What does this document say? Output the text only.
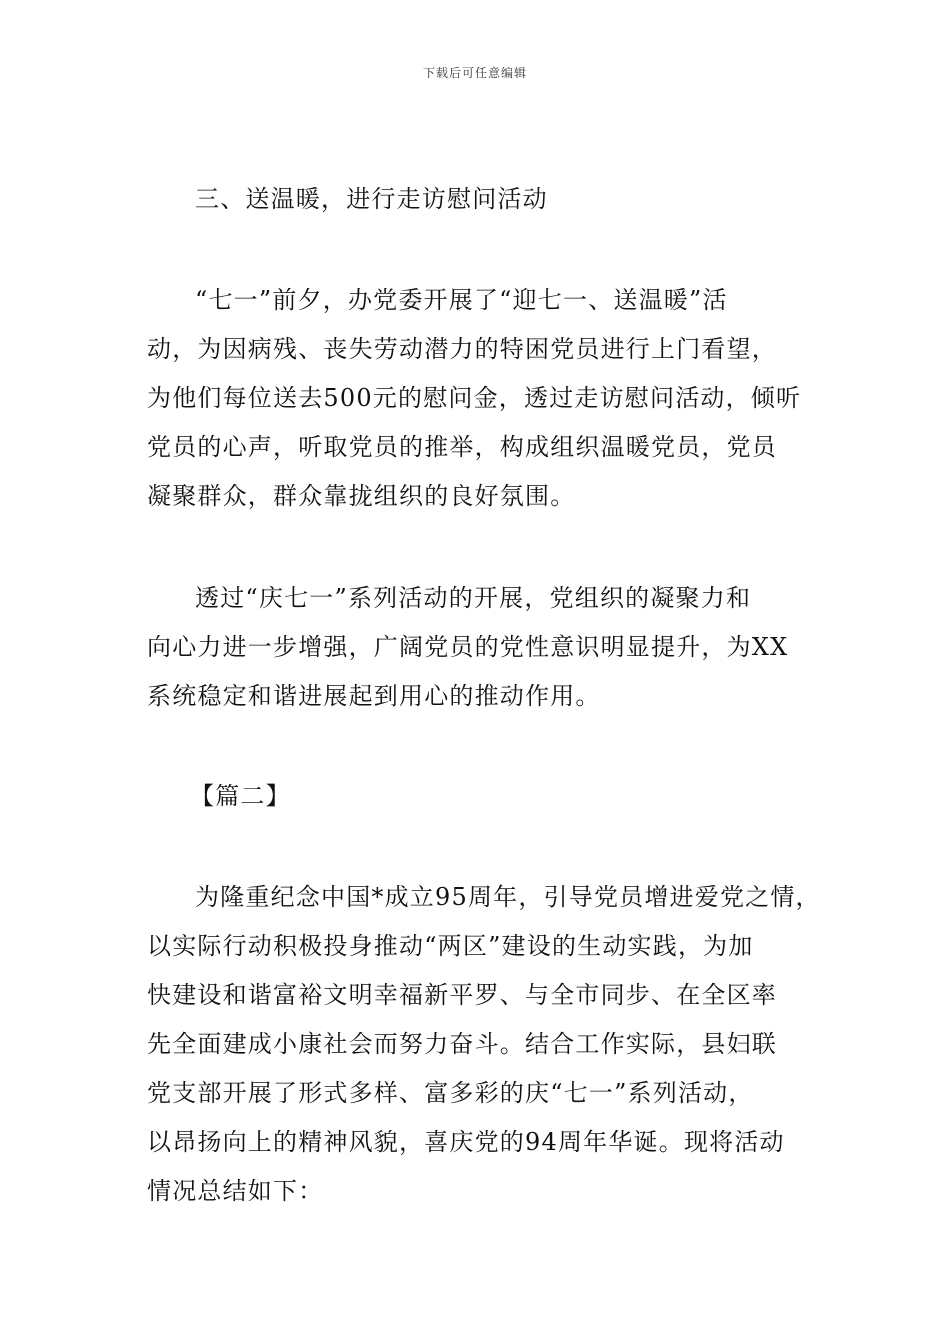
下载后可任意编辑
三、送温暖，进行走访慰问活动
“七一”前夕，办党委开展了“迎七一、送温暖”活
动，为因病残、丧失劳动潜力的特困党员进行上门看望，
为他们每位送去500元的慰问金，透过走访慰问活动，倾听
党员的心声，听取党员的推举，构成组织温暖党员，党员
凝聚群众，群众靠拢组织的良好氛围。
透过“庆七一”系列活动的开展，党组织的凝聚力和
向心力进一步增强，广阔党员的党性意识明显提升，为XX
系统稳定和谐进展起到用心的推动作用。
【篇二】
为隆重纪念中国*成立95周年，引导党员增进爱党之情，
以实际行动积极投身推动“两区”建设的生动实践，为加
快建设和谐富裕文明幸福新平罗、与全市同步、在全区率
先全面建成小康社会而努力奋斗。结合工作实际，县妇联
党支部开展了形式多样、富多彩的庆“七一”系列活动，
以昂扬向上的精神风貌，喜庆党的94周年华诞。现将活动
情况总结如下：
